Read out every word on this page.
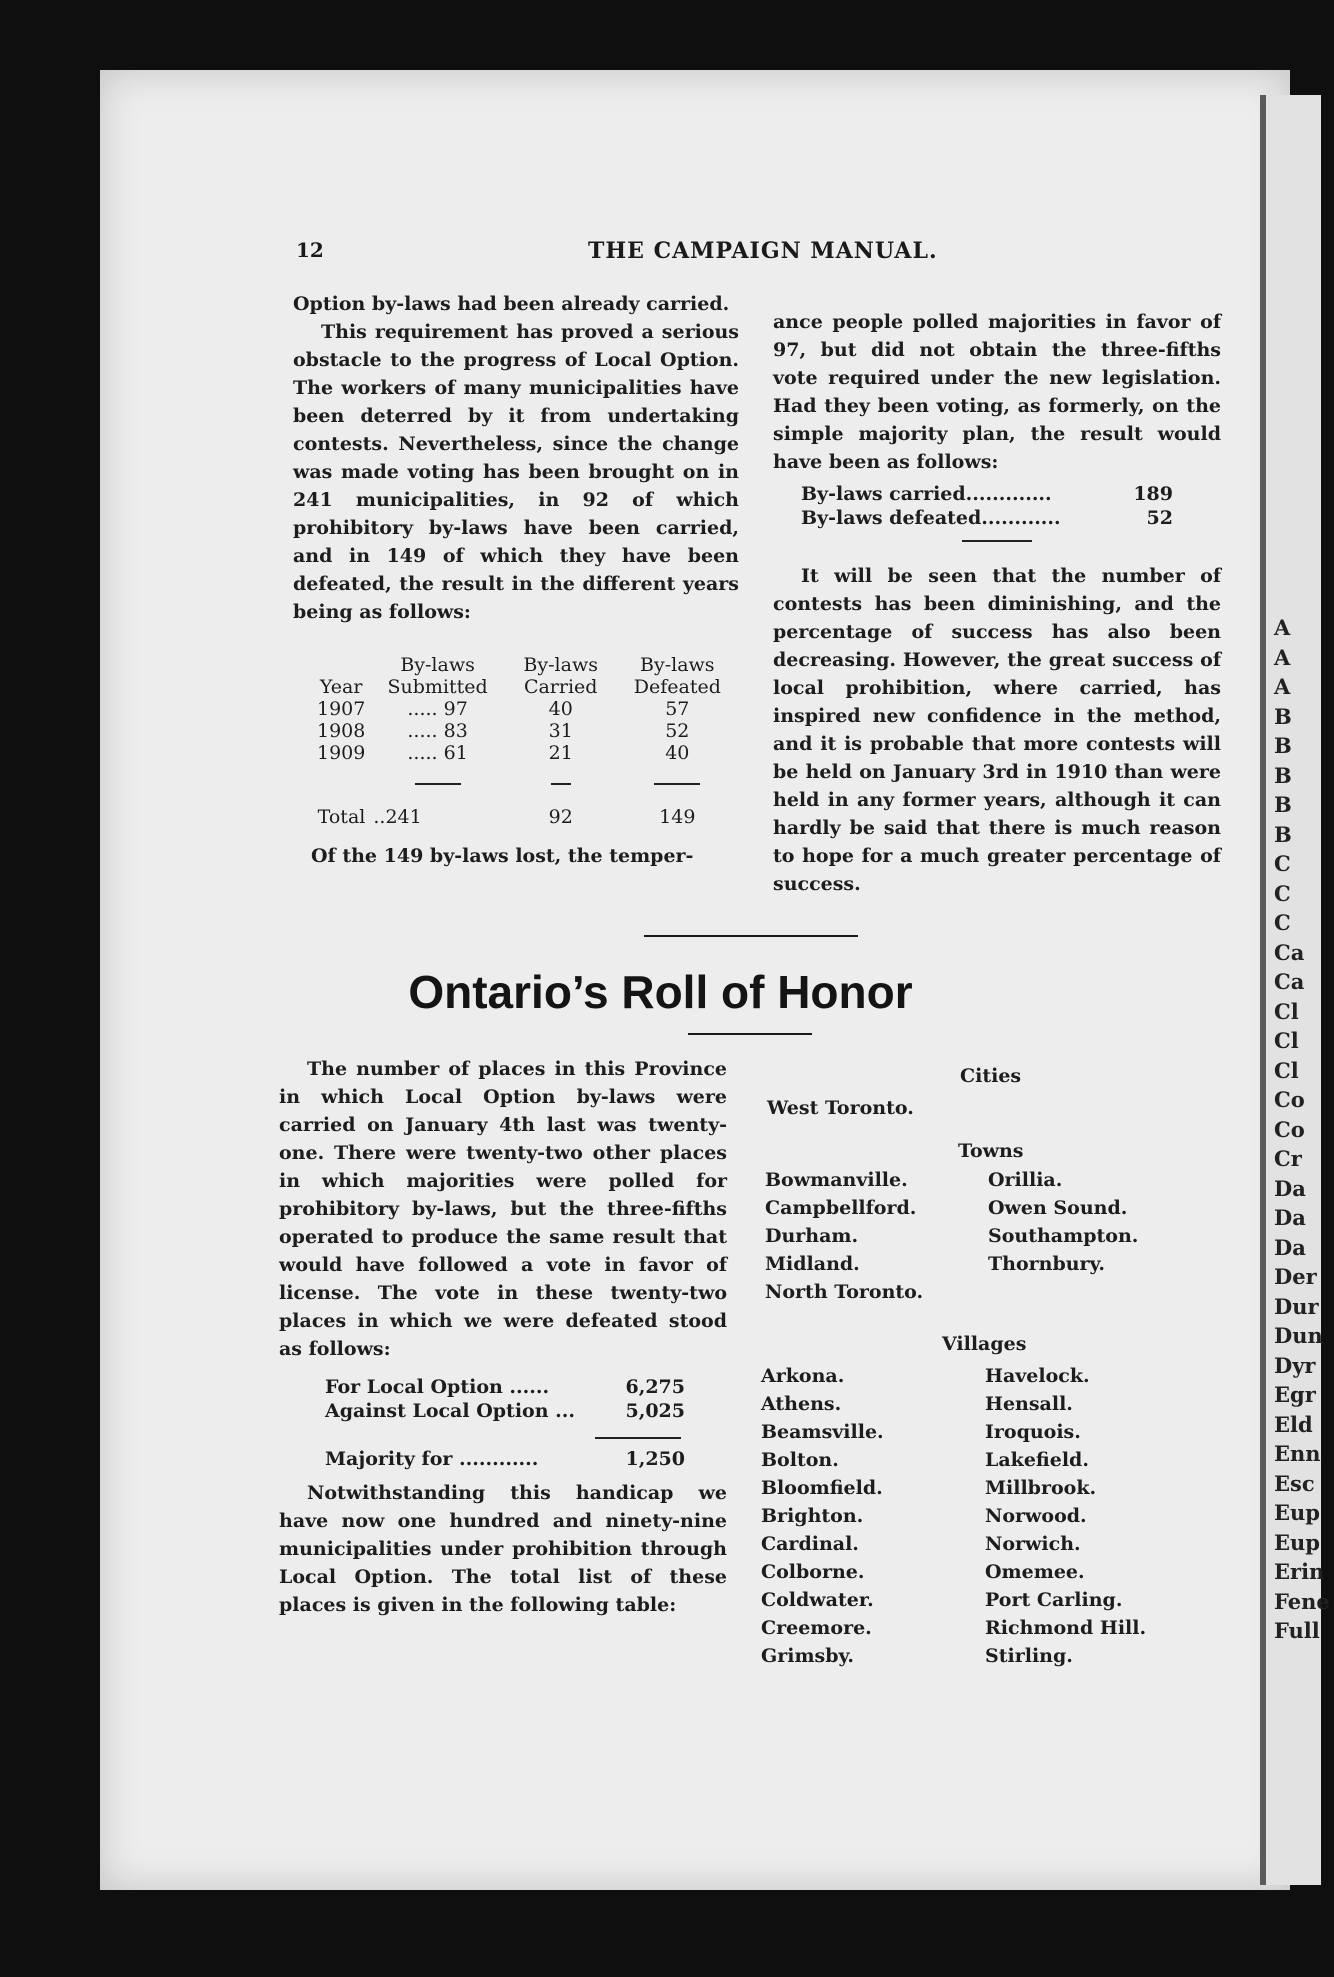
A
A
A
B
B
B
B
B
C
C
C
Ca
Ca
Cl
Cl
Cl
Co
Co
Cr
Da
Da
Da
Der
Dur
Dun
Dyr
Egr
Eld
Enn
Esc
Eup
Eup
Erin
Fene
Full
12	THE CAMPAIGN MANUAL.

Option by-laws had been already carried.

This requirement has proved a serious obstacle to the progress of Local Option. The workers of many municipalities have been deterred by it from undertaking contests. Nevertheless, since the change was made voting has been brought on in 241 municipalities, in 92 of which prohibitory by-laws have been carried, and in 149 of which they have been defeated, the result in the different years being as follows:

Year	By-laws Submitted	By-laws Carried	By-laws Defeated
1907	..... 97	40	57
1908	..... 83	31	52
1909	..... 61	21	40

Total	..241	92	149

Of the 149 by-laws lost, the temper-

ance people polled majorities in favor of 97, but did not obtain the three-fifths vote required under the new legislation. Had they been voting, as formerly, on the simple majority plan, the result would have been as follows:

By-laws carried.............	189
By-laws defeated............	52

It will be seen that the number of contests has been diminishing, and the percentage of success has also been decreasing. However, the great success of local prohibition, where carried, has inspired new confidence in the method, and it is probable that more contests will be held on January 3rd in 1910 than were held in any former years, although it can hardly be said that there is much reason to hope for a much greater percentage of success.

Ontario’s Roll of Honor

The number of places in this Province in which Local Option by-laws were carried on January 4th last was twenty-one. There were twenty-two other places in which majorities were polled for prohibitory by-laws, but the three-fifths operated to produce the same result that would have followed a vote in favor of license. The vote in these twenty-two places in which we were defeated stood as follows:

For Local Option ......	6,275
Against Local Option ...	5,025
Majority for ............	1,250

Notwithstanding this handicap we have now one hundred and ninety-nine municipalities under prohibition through Local Option. The total list of these places is given in the following table:

Cities
West Toronto.
Towns
Bowmanville.
Campbellford.
Durham.
Midland.
North Toronto.
Orillia.
Owen Sound.
Southampton.
Thornbury.
Villages
Arkona.
Athens.
Beamsville.
Bolton.
Bloomfield.
Brighton.
Cardinal.
Colborne.
Coldwater.
Creemore.
Grimsby.
Havelock.
Hensall.
Iroquois.
Lakefield.
Millbrook.
Norwood.
Norwich.
Omemee.
Port Carling.
Richmond Hill.
Stirling.
